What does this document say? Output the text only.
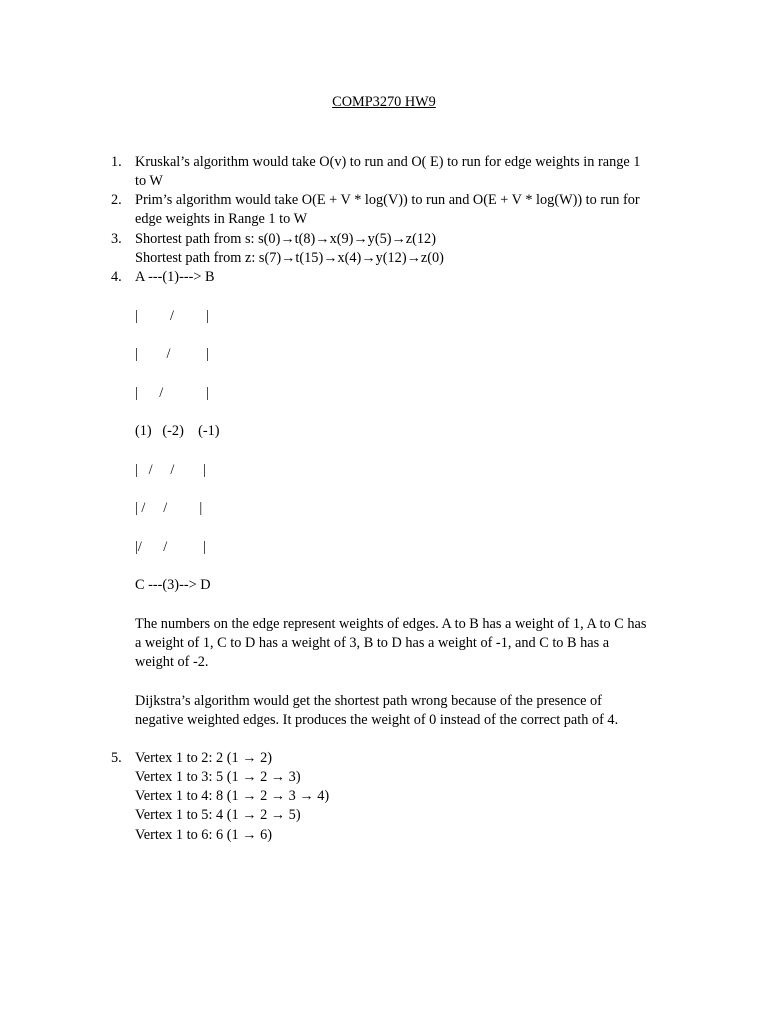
COMP3270 HW9
1. Kruskal’s algorithm would take O(v) to run and O( E) to run for edge weights in range 1
to W
2. Prim’s algorithm would take O(E + V * log(V)) to run and O(E + V * log(W)) to run for
edge weights in Range 1 to W
3. Shortest path from s: s(0)→t(8)→x(9)→y(5)→z(12)
Shortest path from z: s(7)→t(15)→x(4)→y(12)→z(0)
4. A ---(1)---> B
|         /         |
|        /          |
|      /            |
(1)   (-2)    (-1)
|   /     /        |
| /     /         |
|/      /          |
C ---(3)--> D
The numbers on the edge represent weights of edges. A to B has a weight of 1, A to C has
a weight of 1, C to D has a weight of 3, B to D has a weight of -1, and C to B has a
weight of -2.
Dijkstra’s algorithm would get the shortest path wrong because of the presence of
negative weighted edges. It produces the weight of 0 instead of the correct path of 4.
5. Vertex 1 to 2: 2 (1 → 2)
Vertex 1 to 3: 5 (1 → 2 → 3)
Vertex 1 to 4: 8 (1 → 2 → 3 → 4)
Vertex 1 to 5: 4 (1 → 2 → 5)
Vertex 1 to 6: 6 (1 → 6)
